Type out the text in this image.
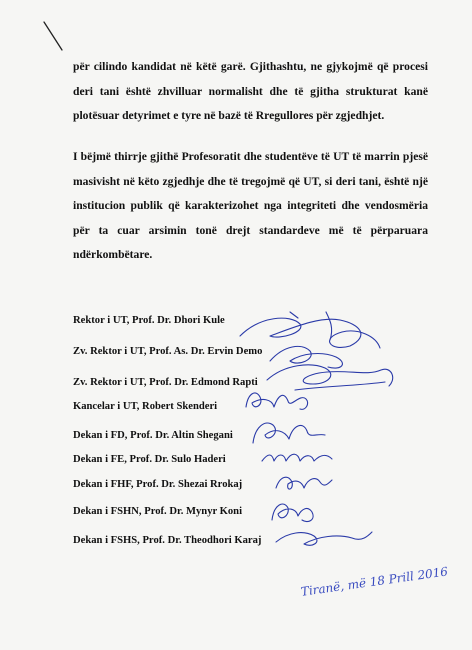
për cilindo kandidat në këtë garë. Gjithashtu, ne gjykojmë që procesi deri tani është zhvilluar normalisht dhe të gjitha strukturat kanë plotësuar detyrimet e tyre në bazë të Rregullores për zgjedhjet.

I bëjmë thirrje gjithë Profesoratit dhe studentëve të UT të marrin pjesë masivisht në këto zgjedhje dhe të tregojmë që UT, si deri tani, është një institucion publik që karakterizohet nga integriteti dhe vendosmëria për ta cuar arsimin tonë drejt standardeve më të përparuara ndërkombëtare.

Rektor i UT, Prof. Dr. Dhori Kule
Zv. Rektor i UT, Prof. As. Dr. Ervin Demo
Zv. Rektor i UT, Prof. Dr. Edmond Rapti
Kancelar i UT, Robert Skenderi
Dekan i FD, Prof. Dr. Altin Shegani
Dekan i FE, Prof. Dr. Sulo Haderi
Dekan i FHF, Prof. Dr. Shezai Rrokaj
Dekan i FSHN, Prof. Dr. Mynyr Koni
Dekan i FSHS, Prof. Dr. Theodhori Karaj
Tiranë, më 18 Prill 2016
